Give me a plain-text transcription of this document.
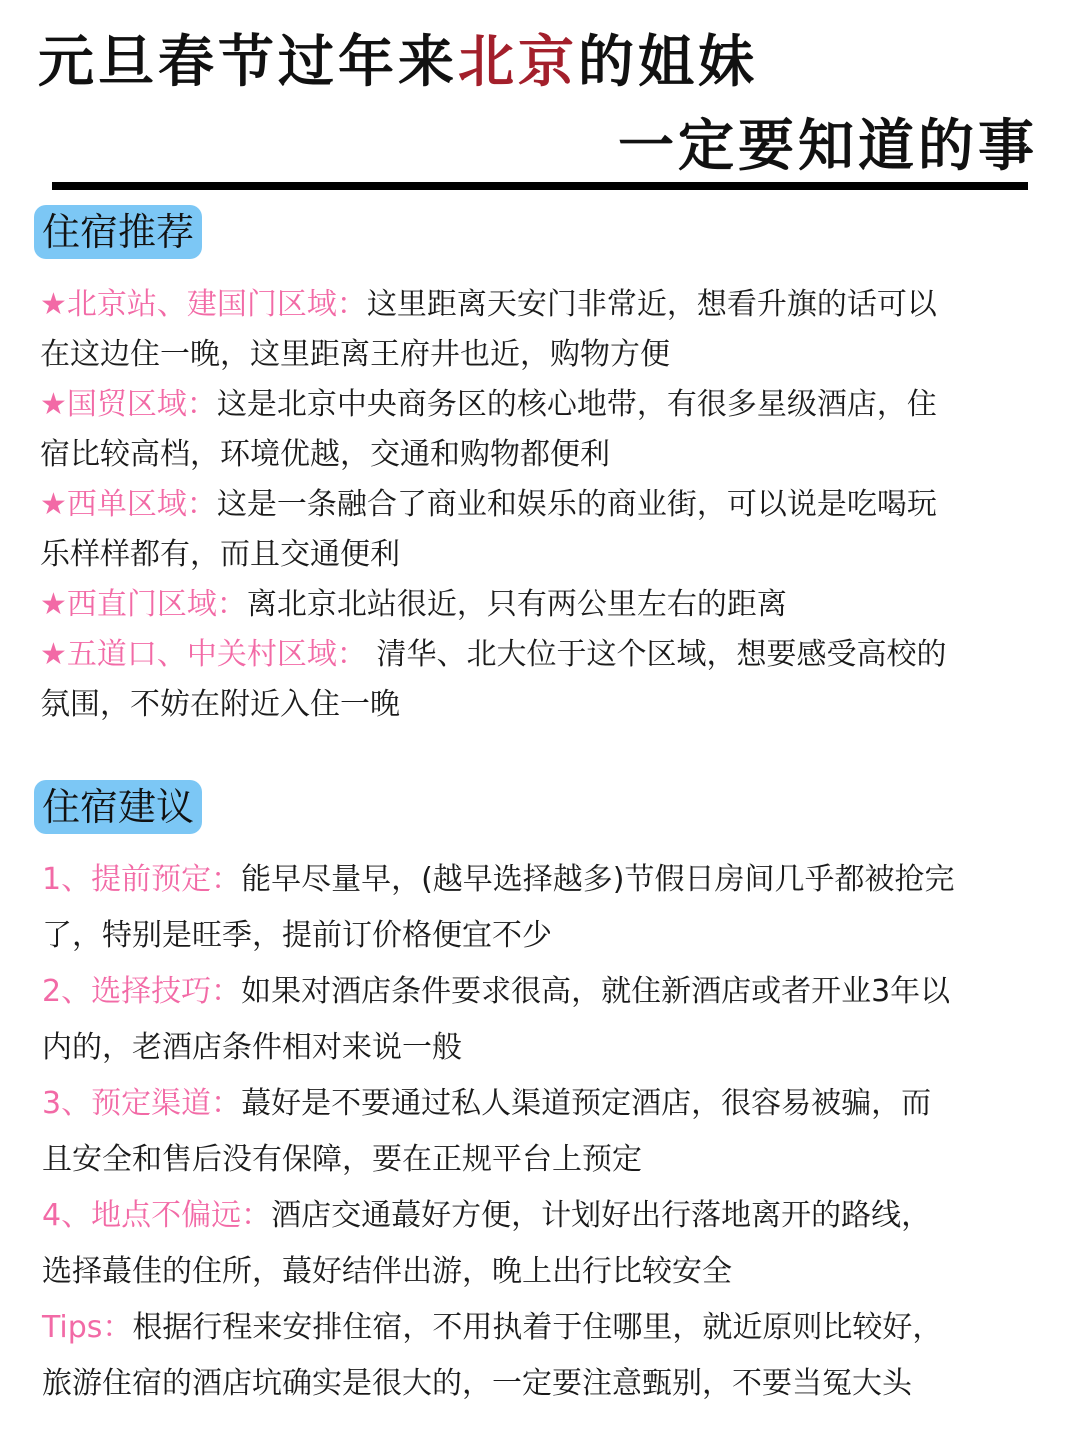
元旦春节过年来北京的姐妹
一定要知道的事
住宿推荐
★北京站、建国门区域：这里距离天安门非常近，想看升旗的话可以
在这边住一晚，这里距离王府井也近，购物方便
★国贸区域：这是北京中央商务区的核心地带，有很多星级酒店，住
宿比较高档，环境优越，交通和购物都便利
★西单区域：这是一条融合了商业和娱乐的商业街，可以说是吃喝玩
乐样样都有，而且交通便利
★西直门区域：离北京北站很近，只有两公里左右的距离
★五道口、中关村区域： 清华、北大位于这个区域，想要感受高校的
氛围，不妨在附近入住一晚
住宿建议
1、提前预定：能早尽量早，(越早选择越多)节假日房间几乎都被抢完
了，特别是旺季，提前订价格便宜不少
2、选择技巧：如果对酒店条件要求很高，就住新酒店或者开业3年以
内的，老酒店条件相对来说一般
3、预定渠道：蕞好是不要通过私人渠道预定酒店，很容易被骗，而
且安全和售后没有保障，要在正规平台上预定
4、地点不偏远：酒店交通蕞好方便，计划好出行落地离开的路线，
选择蕞佳的住所，蕞好结伴出游，晚上出行比较安全
Tips：根据行程来安排住宿，不用执着于住哪里，就近原则比较好，
旅游住宿的酒店坑确实是很大的，一定要注意甄别，不要当冤大头
